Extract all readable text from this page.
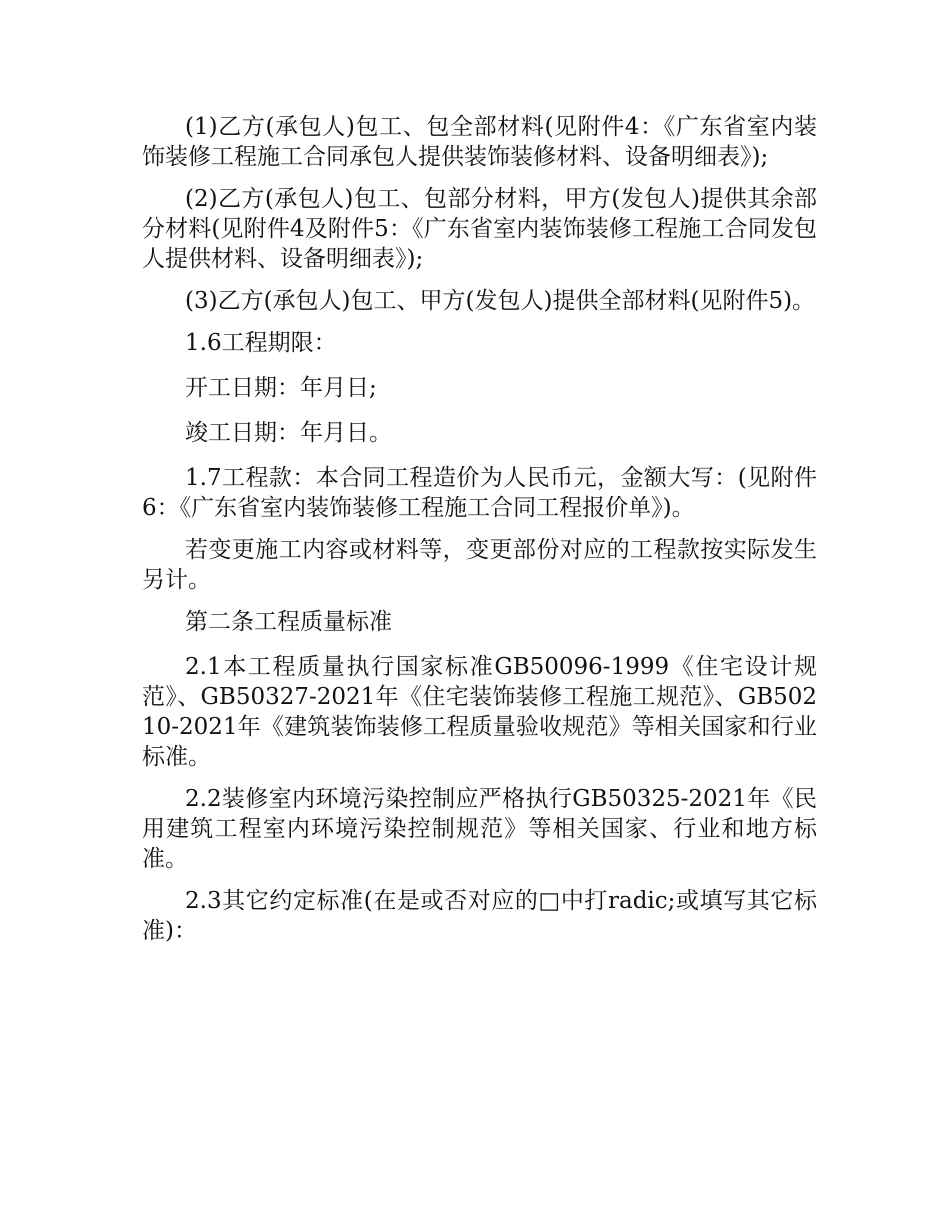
(1)乙方(承包人)包工、包全部材料(见附件4：《广东省室内装饰装修工程施工合同承包人提供装饰装修材料、设备明细表》);

(2)乙方(承包人)包工、包部分材料，甲方(发包人)提供其余部分材料(见附件4及附件5：《广东省室内装饰装修工程施工合同发包人提供材料、设备明细表》);

(3)乙方(承包人)包工、甲方(发包人)提供全部材料(见附件5)。

1.6工程期限：

开工日期：年月日;

竣工日期：年月日。

1.7工程款：本合同工程造价为人民币元，金额大写：(见附件6：《广东省室内装饰装修工程施工合同工程报价单》)。

若变更施工内容或材料等，变更部份对应的工程款按实际发生另计。

第二条工程质量标准

2.1本工程质量执行国家标准GB50096-1999《住宅设计规范》、GB50327-2021年《住宅装饰装修工程施工规范》、GB50210-2021年《建筑装饰装修工程质量验收规范》等相关国家和行业标准。

2.2装修室内环境污染控制应严格执行GB50325-2021年《民用建筑工程室内环境污染控制规范》等相关国家、行业和地方标准。

2.3其它约定标准(在是或否对应的□中打radic;或填写其它标准)：
